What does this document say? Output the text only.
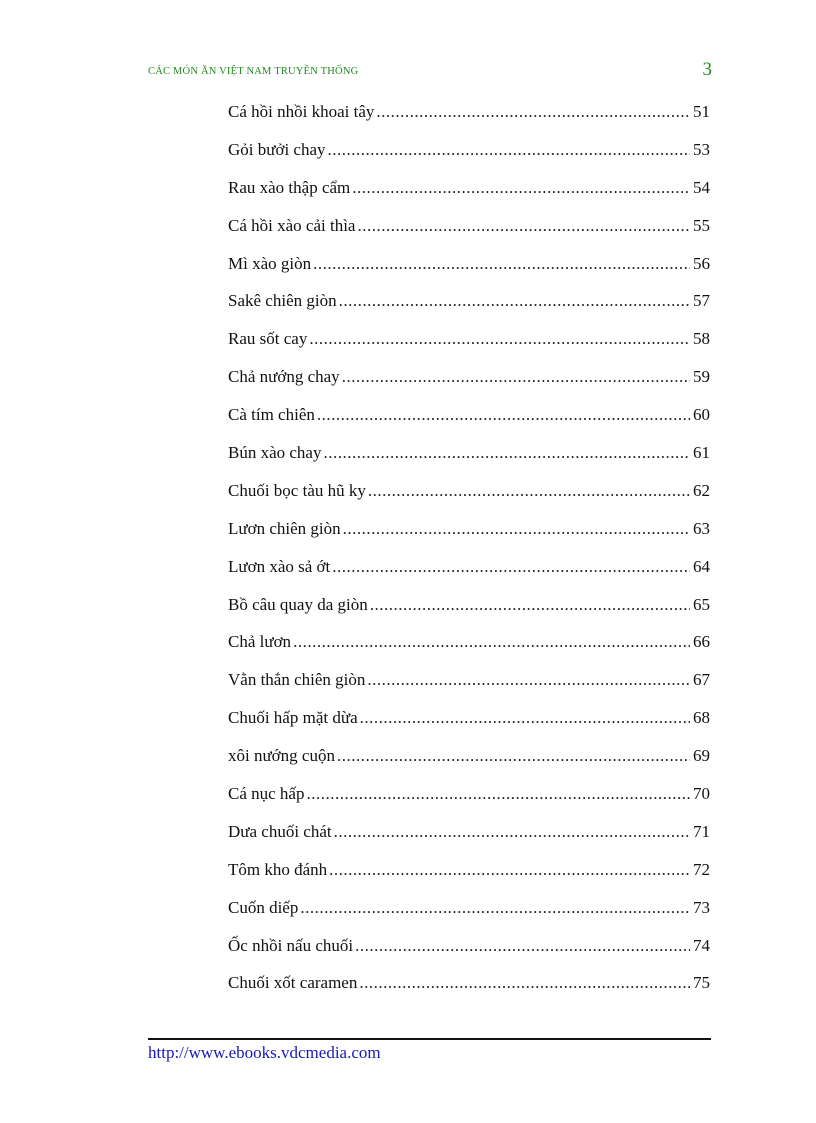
CÁC MÓN ĂN VIỆT NAM TRUYỀN THỐNG	3
Cá hồi nhồi khoai tây .....	51
Gỏi bưởi chay .....	53
Rau xào thập cẩm .....	54
Cá hồi xào cải thìa .....	55
Mì xào giòn .....	56
Sakê chiên giòn .....	57
Rau sốt cay .....	58
Chả nướng chay .....	59
Cà tím chiên .....	60
Bún xào chay .....	61
Chuối bọc tàu hũ ky .....	62
Lươn chiên giòn .....	63
Lươn xào sả ớt .....	64
Bồ câu quay da giòn .....	65
Chả lươn .....	66
Vằn thắn chiên giòn .....	67
Chuối hấp mặt dừa .....	68
xôi nướng cuộn .....	69
Cá nục hấp .....	70
Dưa chuối chát .....	71
Tôm kho đánh .....	72
Cuốn diếp .....	73
Ốc nhồi nấu chuối .....	74
Chuối xốt caramen .....	75
http://www.ebooks.vdcmedia.com
